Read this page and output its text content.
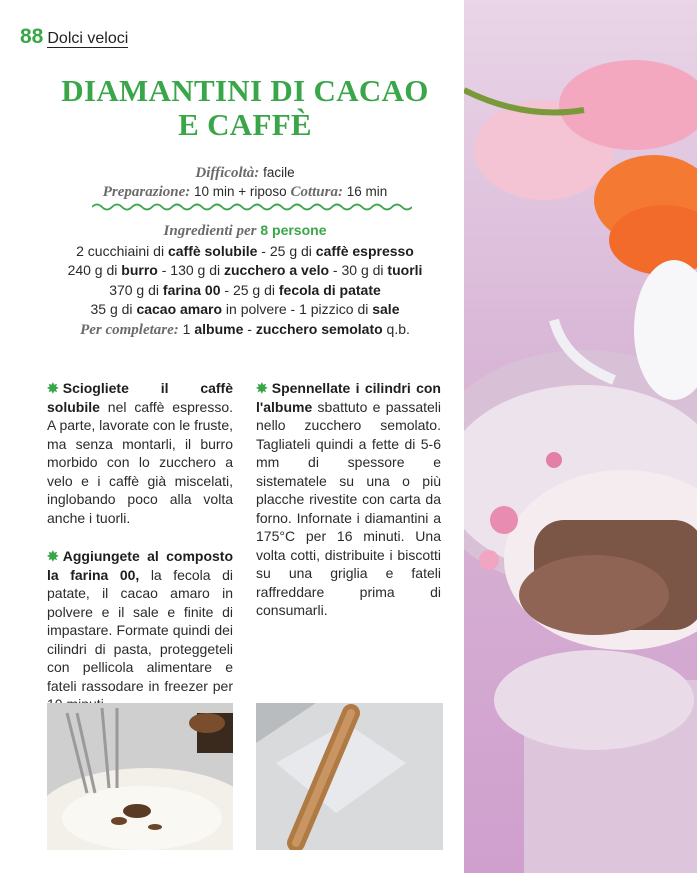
88 Dolci veloci
DIAMANTINI DI CACAO
E CAFFÈ
Difficoltà: facile
Preparazione: 10 min + riposo Cottura: 16 min
Ingredienti per 8 persone
2 cucchiaini di caffè solubile - 25 g di caffè espresso
240 g di burro - 130 g di zucchero a velo - 30 g di tuorli
370 g di farina 00 - 25 g di fecola di patate
35 g di cacao amaro in polvere - 1 pizzico di sale
Per completare: 1 albume - zucchero semolato q.b.

✸ Sciogliete il caffè solubile nel caffè espresso. A parte, lavorate con le fruste, ma senza montarli, il burro morbido con lo zucchero a velo e i caffè già miscelati, inglobando poco alla volta anche i tuorli.

✸ Aggiungete al composto la farina 00, la fecola di patate, il cacao amaro in polvere e il sale e finite di impastare. Formate quindi dei cilindri di pasta, proteggeteli con pellicola alimentare e fateli rassodare in freezer per

✸ Spennellate i cilindri con l'albume sbattuto e passateli nello zucchero semolato. Tagliateli quindi a fette di 5-6 mm di spessore e sistematele su una o più placche rivestite con carta da forno. Infornate i diamantini a 175°C per 16 minuti. Una volta cotti, distribuite i biscotti su una griglia e fateli raffreddare prima di consumarli.
